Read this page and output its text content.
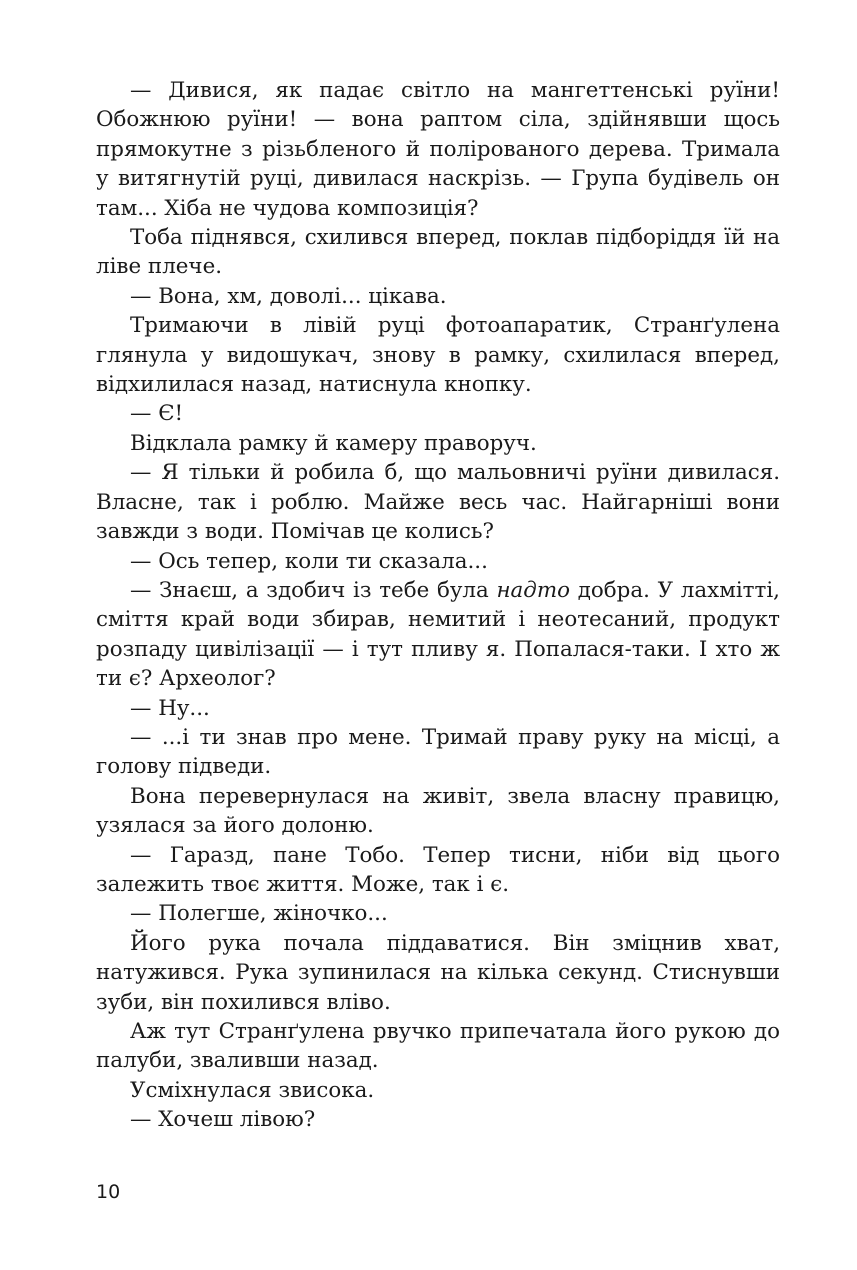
— Дивися, як падає світло на мангеттенські руїни! Обожнюю руїни! — вона раптом сіла, здійнявши щось прямокутне з різьбленого й полірованого дерева. Тримала у витягнутій руці, дивилася наскрізь. — Група будівель он там... Хіба не чудова композиція?

Тоба піднявся, схилився вперед, поклав підборіддя їй на ліве плече.

— Вона, хм, доволі... цікава.

Тримаючи в лівій руці фотоапаратик, Странґулена глянула у видошукач, знову в рамку, схилилася вперед, відхилилася назад, натиснула кнопку.

— Є!

Відклала рамку й камеру праворуч.

— Я тільки й робила б, що мальовничі руїни дивилася. Власне, так і роблю. Майже весь час. Найгарніші вони завжди з води. Помічав це колись?

— Ось тепер, коли ти сказала...

— Знаєш, а здобич із тебе була надто добра. У лахмітті, сміття край води збирав, немитий і неотесаний, продукт розпаду цивілізації — і тут пливу я. Попалася-таки. І хто ж ти є? Археолог?

— Ну...

— ...і ти знав про мене. Тримай праву руку на місці, а голову підведи.

Вона перевернулася на живіт, звела власну правицю, узялася за його долоню.

— Гаразд, пане Тобо. Тепер тисни, ніби від цього залежить твоє життя. Може, так і є.

— Полегше, жіночко...

Його рука почала піддаватися. Він зміцнив хват, натужився. Рука зупинилася на кілька секунд. Стиснувши зуби, він похилився вліво.

Аж тут Странґулена рвучко припечатала його рукою до палуби, зваливши назад.

Усміхнулася звисока.

— Хочеш лівою?

10
